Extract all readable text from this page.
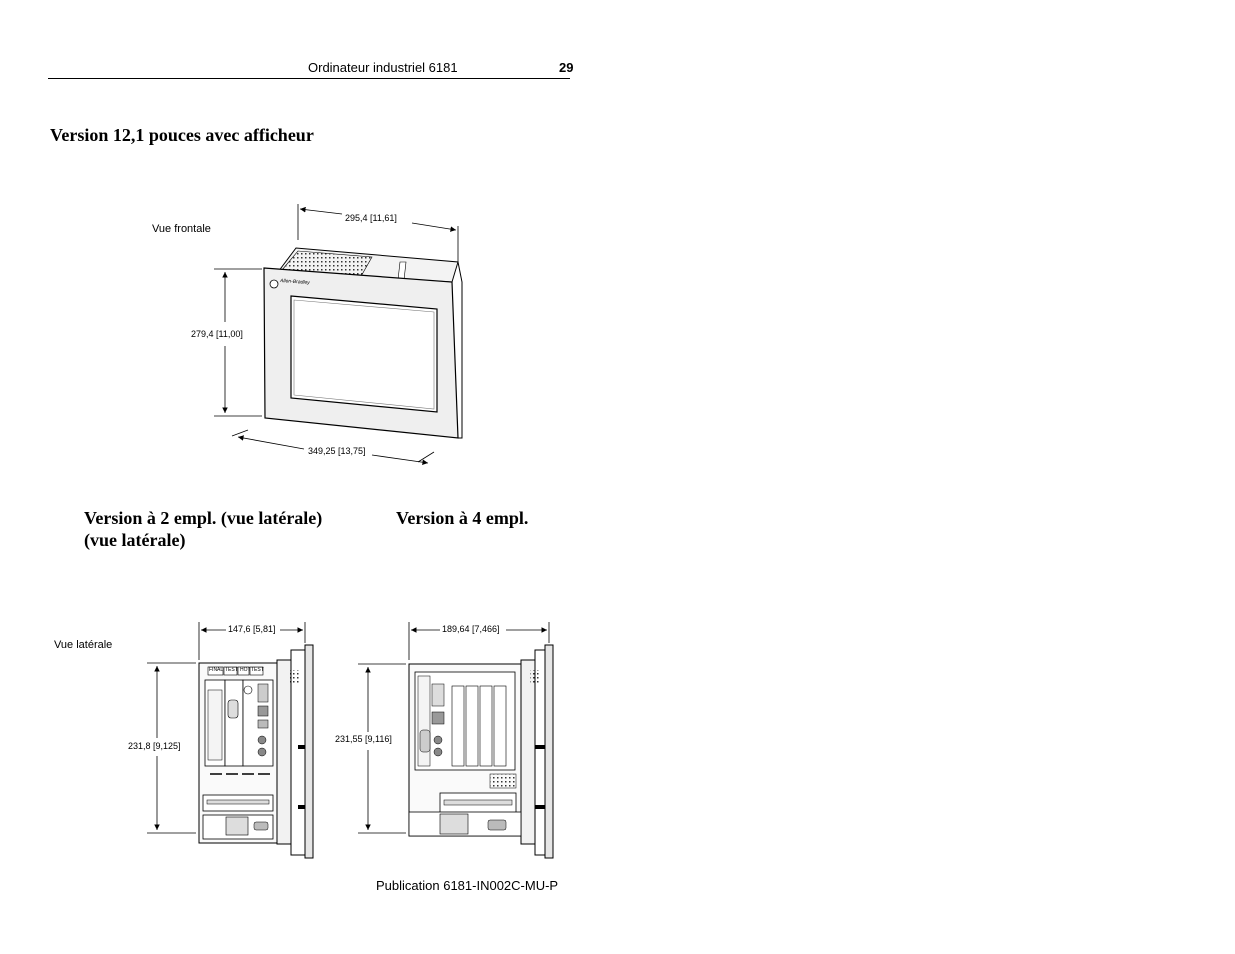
Ordinateur industriel 6181	29
Version 12,1 pouces avec afficheur
Vue frontale
295,4 [11,61]
279,4 [11,00]
349,25 [13,75]
Allen-Bradley
Version à 2 empl. (vue latérale)
(vue latérale)
Version à 4 empl.
Vue latérale
147,6 [5,81]
231,8 [9,125]
FINAL TEST HOT TEST
189,64 [7,466]
231,55 [9,116]
Publication 6181-IN002C-MU-P
